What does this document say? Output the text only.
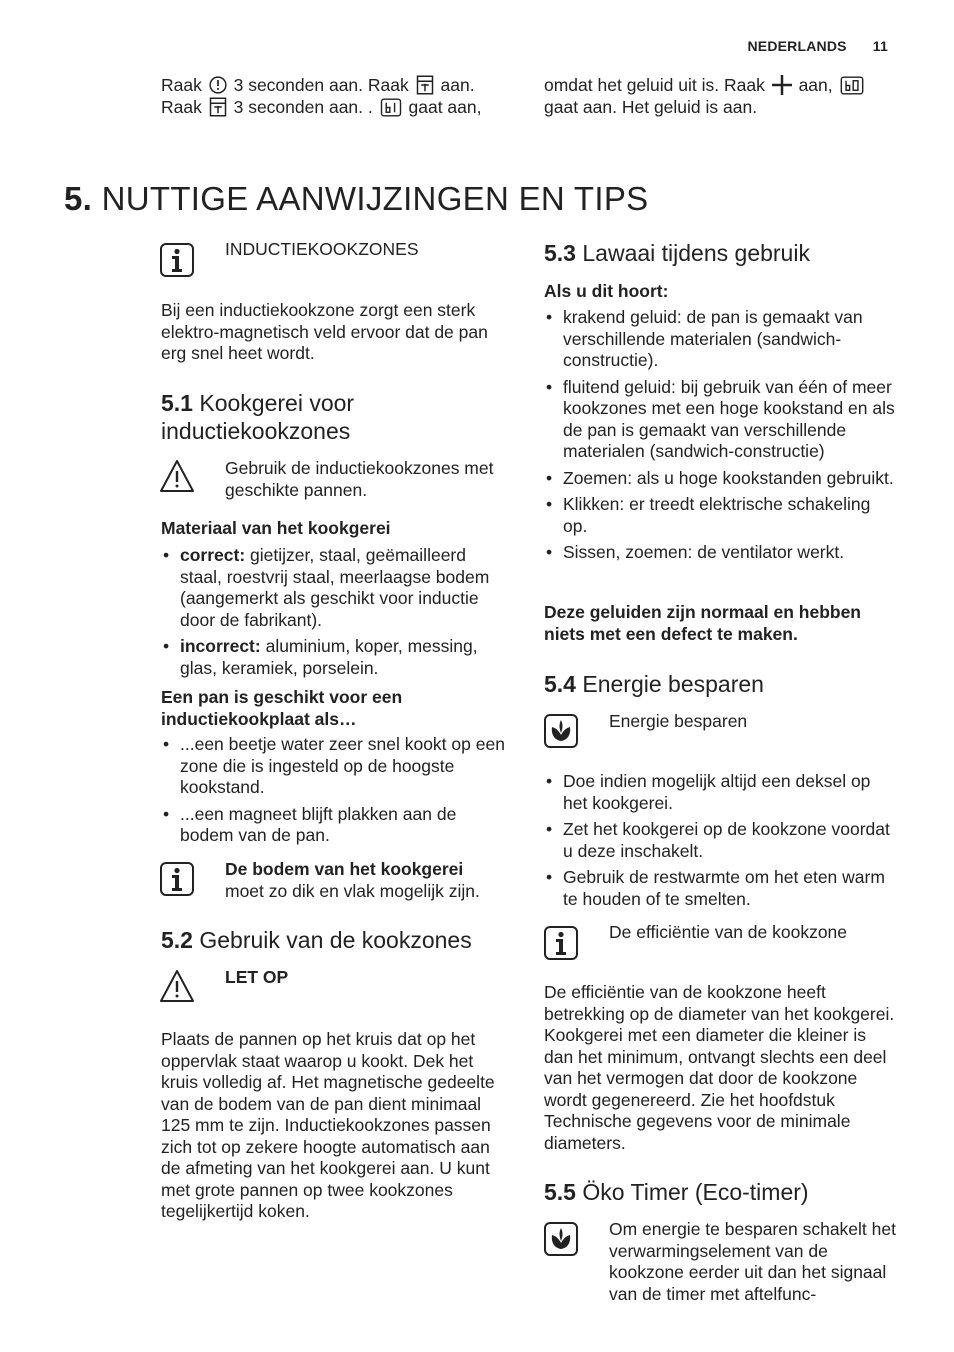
NEDERLANDS 11
Raak 3 seconden aan. Raak aan.
Raak 3 seconden aan. . gaat aan,
omdat het geluid uit is. Raak aan,
gaat aan. Het geluid is aan.
5. NUTTIGE AANWIJZINGEN EN TIPS
INDUCTIEKOOKZONES
Bij een inductiekookzone zorgt een sterk elektro-magnetisch veld ervoor dat de pan erg snel heet wordt.
5.1 Kookgerei voor inductiekookzones
Gebruik de inductiekookzones met geschikte pannen.
Materiaal van het kookgerei
• correct: gietijzer, staal, geëmailleerd staal, roestvrij staal, meerlaagse bodem (aangemerkt als geschikt voor inductie door de fabrikant).
• incorrect: aluminium, koper, messing, glas, keramiek, porselein.
Een pan is geschikt voor een inductiekookplaat als…
• ...een beetje water zeer snel kookt op een zone die is ingesteld op de hoogste kookstand.
• ...een magneet blijft plakken aan de bodem van de pan.
De bodem van het kookgerei
moet zo dik en vlak mogelijk zijn.
5.2 Gebruik van de kookzones
LET OP
Plaats de pannen op het kruis dat op het oppervlak staat waarop u kookt. Dek het kruis volledig af. Het magnetische gedeelte van de bodem van de pan dient minimaal 125 mm te zijn. Inductiekookzones passen zich tot op zekere hoogte automatisch aan de afmeting van het kookgerei aan. U kunt met grote pannen op twee kookzones tegelijkertijd koken.
5.3 Lawaai tijdens gebruik
Als u dit hoort:
• krakend geluid: de pan is gemaakt van verschillende materialen (sandwich-constructie).
• fluitend geluid: bij gebruik van één of meer kookzones met een hoge kookstand en als de pan is gemaakt van verschillende materialen (sandwich-constructie)
• Zoemen: als u hoge kookstanden gebruikt.
• Klikken: er treedt elektrische schakeling op.
• Sissen, zoemen: de ventilator werkt.
Deze geluiden zijn normaal en hebben niets met een defect te maken.
5.4 Energie besparen
Energie besparen
• Doe indien mogelijk altijd een deksel op het kookgerei.
• Zet het kookgerei op de kookzone voordat u deze inschakelt.
• Gebruik de restwarmte om het eten warm te houden of te smelten.
De efficiëntie van de kookzone
De efficiëntie van de kookzone heeft betrekking op de diameter van het kookgerei. Kookgerei met een diameter die kleiner is dan het minimum, ontvangt slechts een deel van het vermogen dat door de kookzone wordt gegenereerd. Zie het hoofdstuk Technische gegevens voor de minimale diameters.
5.5 Öko Timer (Eco-timer)
Om energie te besparen schakelt het verwarmingselement van de kookzone eerder uit dan het signaal van de timer met aftelfunc-
